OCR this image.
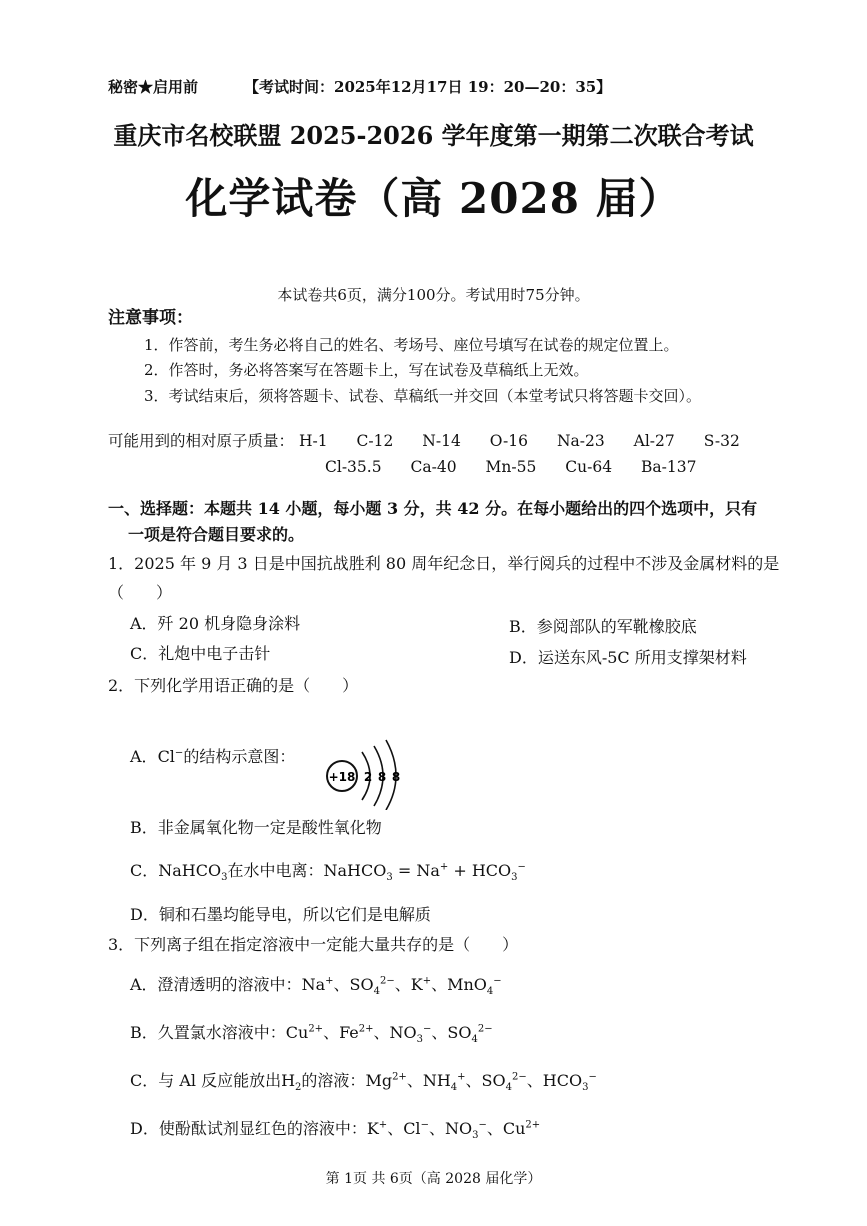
秘密★启用前	【考试时间：2025年12月17日 19：20—20：35】
重庆市名校联盟 2025-2026 学年度第一期第二次联合考试
化学试卷（高 2028 届）
本试卷共6页，满分100分。考试用时75分钟。
注意事项：
1．作答前，考生务必将自己的姓名、考场号、座位号填写在试卷的规定位置上。
2．作答时，务必将答案写在答题卡上，写在试卷及草稿纸上无效。
3．考试结束后，须将答题卡、试卷、草稿纸一并交回（本堂考试只将答题卡交回）。
可能用到的相对原子质量： H-1 C-12 N-14 O-16 Na-23 Al-27 S-32
Cl-35.5 Ca-40 Mn-55 Cu-64 Ba-137
一、选择题：本题共 14 小题，每小题 3 分，共 42 分。在每小题给出的四个选项中，只有
一项是符合题目要求的。
1．2025 年 9 月 3 日是中国抗战胜利 80 周年纪念日，举行阅兵的过程中不涉及金属材料的是（　　）
A．歼 20 机身隐身涂料	B．参阅部队的军靴橡胶底
C．礼炮中电子击针	D．运送东风-5C 所用支撑架材料
2．下列化学用语正确的是（　　）
A．Cl−的结构示意图：
+18 2 8 8
B．非金属氧化物一定是酸性氧化物
C．NaHCO$_3$在水中电离：NaHCO$_3$ = $Na^+ + HCO_3^-$
D．铜和石墨均能导电，所以它们是电解质
3．下列离子组在指定溶液中一定能大量共存的是（　　）
A．澄清透明的溶液中：Na+、$SO_4^{2-}$、K+、MnO$_4$−
B．久置氯水溶液中：$Cu^{2+}$、$Fe^{2+}$、$NO_3^-$、$SO_4^{2-}$
C．与 Al 反应能放出$H_2$的溶液：$Mg^{2+}$、$NH_4^+$、$SO_4^{2-}$、$HCO_3^-$
D．使酚酞试剂显红色的溶液中：K+、Cl−、$NO_3^-$、$Cu^{2+}$
第 1页 共 6页（高 2028 届化学）
